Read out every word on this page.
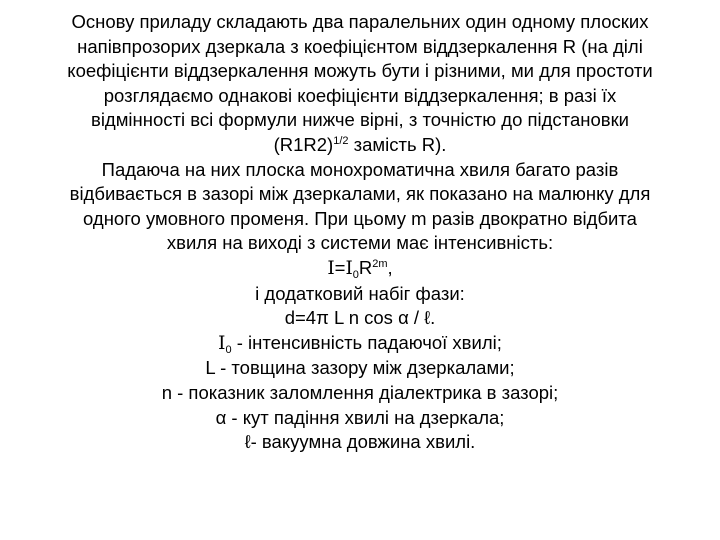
Основу приладу складають два паралельних один одному плоских
напівпрозорих дзеркала з коефіцієнтом віддзеркалення R (на ділі
коефіцієнти віддзеркалення можуть бути і різними, ми для простоти
розглядаємо однакові коефіцієнти віддзеркалення; в разі їх
відмінності всі формули нижче вірні, з точністю до підстановки
$(R1R2)^{1/2}$ замість R).
Падаюча на них плоска монохроматична хвиля багато разів
відбивається в зазорі між дзеркалами, як показано на малюнку для
одного умовного променя. При цьому m разів двократно відбита
хвиля на виході з системи має інтенсивність:
$I=I_0R^{2m}$,
і додатковий набіг фази:
d=4π L n cos α / ℓ.
$I_0$ - інтенсивність падаючої хвилі;
L - товщина зазору між дзеркалами;
n - показник заломлення діалектрика в зазорі;
α - кут падіння хвилі на дзеркала;
ℓ- вакуумна довжина хвилі.
